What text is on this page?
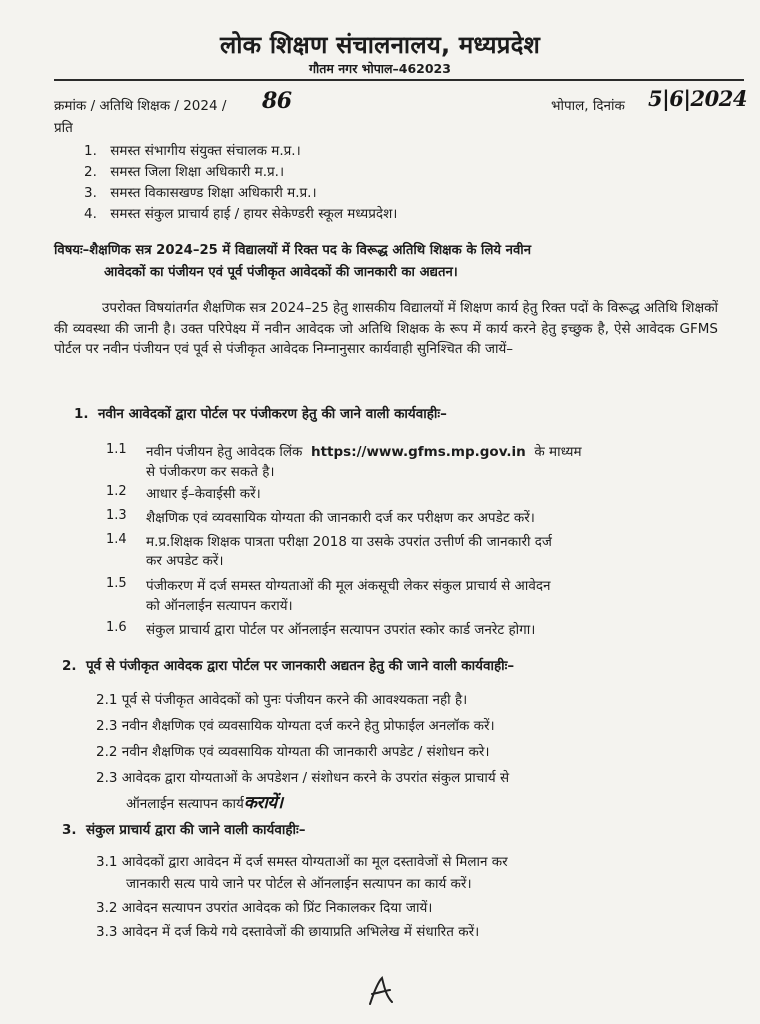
लोक शिक्षण संचालनालय, मध्यप्रदेश
गौतम नगर भोपाल–462023
क्रमांक / अतिथि शिक्षक / 2024 / 86	भोपाल, दिनांक 5|6|2024
प्रति
1. समस्त संभागीय संयुक्त संचालक म.प्र.।
2. समस्त जिला शिक्षा अधिकारी म.प्र.।
3. समस्त विकासखण्ड शिक्षा अधिकारी म.प्र.।
4. समस्त संकुल प्राचार्य हाई / हायर सेकेण्डरी स्कूल मध्यप्रदेश।
विषयः–शैक्षणिक सत्र 2024–25 में विद्यालयों में रिक्त पद के विरूद्ध अतिथि शिक्षक के लिये नवीन
आवेदकों का पंजीयन एवं पूर्व पंजीकृत आवेदकों की जानकारी का अद्यतन।

उपरोक्त विषयांतर्गत शैक्षणिक सत्र 2024–25 हेतु शासकीय विद्यालयों में शिक्षण कार्य हेतु रिक्त पदों के विरूद्ध अतिथि शिक्षकों की व्यवस्था की जानी है। उक्त परिपेक्ष्य में नवीन आवेदक जो अतिथि शिक्षक के रूप में कार्य करने हेतु इच्छुक है, ऐसे आवेदक GFMS पोर्टल पर नवीन पंजीयन एवं पूर्व से पंजीकृत आवेदक निम्नानुसार कार्यवाही सुनिश्चित की जायें–

1. नवीन आवेदकों द्वारा पोर्टल पर पंजीकरण हेतु की जाने वाली कार्यवाहीः–
1.1 नवीन पंजीयन हेतु आवेदक लिंक https://www.gfms.mp.gov.in के माध्यम
से पंजीकरण कर सकते है।
1.2 आधार ई–केवाईसी करें।
1.3 शैक्षणिक एवं व्यवसायिक योग्यता की जानकारी दर्ज कर परीक्षण कर अपडेट करें।
1.4 म.प्र.शिक्षक शिक्षक पात्रता परीक्षा 2018 या उसके उपरांत उत्तीर्ण की जानकारी दर्ज
कर अपडेट करें।
1.5 पंजीकरण में दर्ज समस्त योग्यताओं की मूल अंकसूची लेकर संकुल प्राचार्य से आवेदन
को ऑनलाईन सत्यापन करायें।
1.6 संकुल प्राचार्य द्वारा पोर्टल पर ऑनलाईन सत्यापन उपरांत स्कोर कार्ड जनरेट होगा।
2. पूर्व से पंजीकृत आवेदक द्वारा पोर्टल पर जानकारी अद्यतन हेतु की जाने वाली कार्यवाहीः–
2.1 पूर्व से पंजीकृत आवेदकों को पुनः पंजीयन करने की आवश्यकता नही है।
2.3 नवीन शैक्षणिक एवं व्यवसायिक योग्यता दर्ज करने हेतु प्रोफाईल अनलॉक करें।
2.2 नवीन शैक्षणिक एवं व्यवसायिक योग्यता की जानकारी अपडेट / संशोधन करे।
2.3 आवेदक द्वारा योग्यताओं के अपडेशन / संशोधन करने के उपरांत संकुल प्राचार्य से
ऑनलाईन सत्यापन कार्यकरायें।
3. संकुल प्राचार्य द्वारा की जाने वाली कार्यवाहीः–
3.1 आवेदकों द्वारा आवेदन में दर्ज समस्त योग्यताओं का मूल दस्तावेजों से मिलान कर
जानकारी सत्य पाये जाने पर पोर्टल से ऑनलाईन सत्यापन का कार्य करें।
3.2 आवेदन सत्यापन उपरांत आवेदक को प्रिंट निकालकर दिया जायें।
3.3 आवेदन में दर्ज किये गये दस्तावेजों की छायाप्रति अभिलेख में संधारित करें।
